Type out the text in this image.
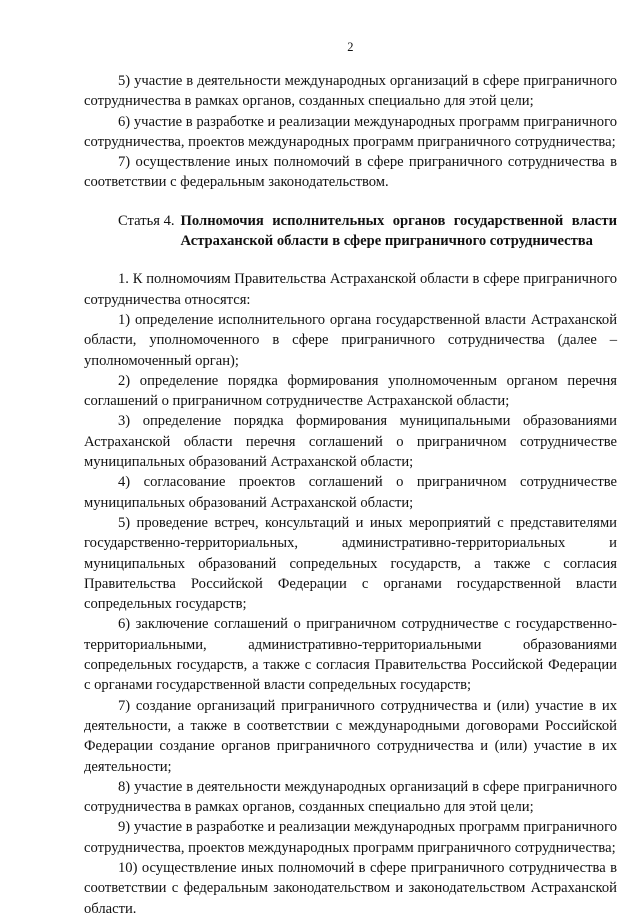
2

5) участие в деятельности международных организаций в сфере приграничного сотрудничества в рамках органов, созданных специально для этой цели;

6) участие в разработке и реализации международных программ приграничного сотрудничества, проектов международных программ приграничного сотрудничества;

7) осуществление иных полномочий в сфере приграничного сотрудничества в соответствии с федеральным законодательством.

Статья 4. Полномочия исполнительных органов государственной власти
Астраханской области в сфере приграничного сотрудничества

1. К полномочиям Правительства Астраханской области в сфере приграничного сотрудничества относятся:

1) определение исполнительного органа государственной власти Астраханской области, уполномоченного в сфере приграничного сотрудничества (далее – уполномоченный орган);

2) определение порядка формирования уполномоченным органом перечня соглашений о приграничном сотрудничестве Астраханской области;

3) определение порядка формирования муниципальными образованиями Астраханской области перечня соглашений о приграничном сотрудничестве муниципальных образований Астраханской области;

4) согласование проектов соглашений о приграничном сотрудничестве муниципальных образований Астраханской области;

5) проведение встреч, консультаций и иных мероприятий с представителями государственно-территориальных, административно-территориальных и муниципальных образований сопредельных государств, а также с согласия Правительства Российской Федерации с органами государственной власти сопредельных государств;

6) заключение соглашений о приграничном сотрудничестве с государственно-территориальными, административно-территориальными образованиями сопредельных государств, а также с согласия Правительства Российской Федерации с органами государственной власти сопредельных государств;

7) создание организаций приграничного сотрудничества и (или) участие в их деятельности, а также в соответствии с международными договорами Российской Федерации создание органов приграничного сотрудничества и (или) участие в их деятельности;

8) участие в деятельности международных организаций в сфере приграничного сотрудничества в рамках органов, созданных специально для этой цели;

9) участие в разработке и реализации международных программ приграничного сотрудничества, проектов международных программ приграничного сотрудничества;

10) осуществление иных полномочий в сфере приграничного сотрудничества в соответствии с федеральным законодательством и законодательством Астраханской области.
